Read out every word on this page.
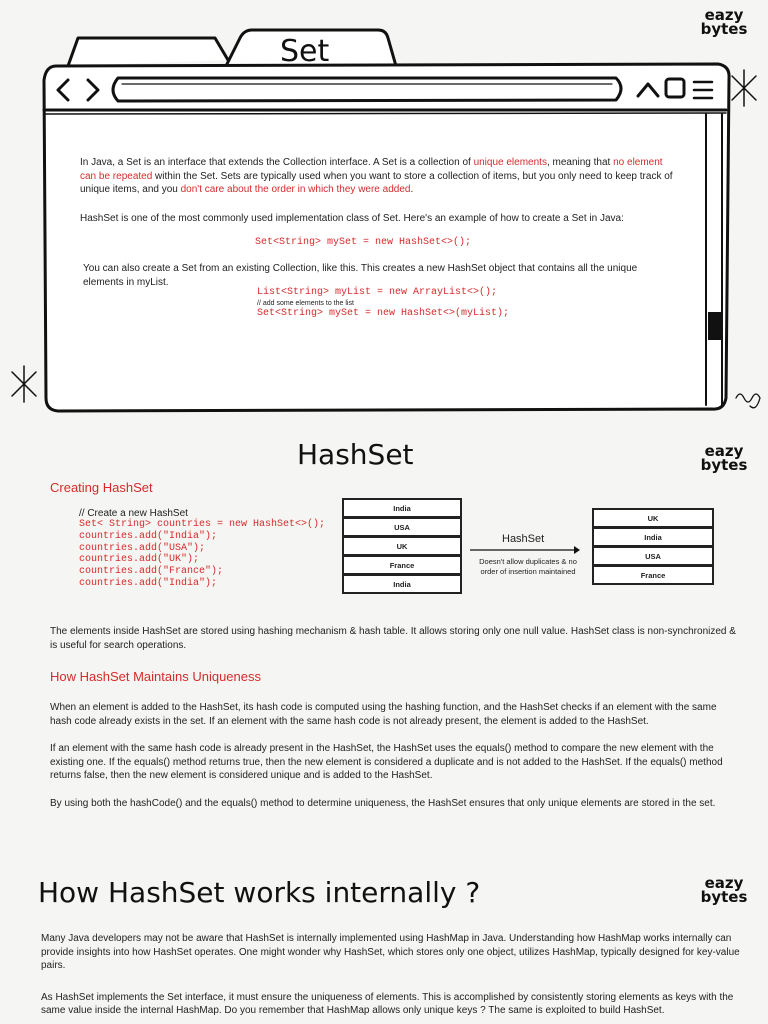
eazy
bytes
Set

In Java, a Set is an interface that extends the Collection interface. A Set is a collection of unique elements, meaning that no element can be repeated within the Set. Sets are typically used when you want to store a collection of items, but you only need to keep track of unique items, and you don't care about the order in which they were added.

HashSet is one of the most commonly used implementation class of Set. Here's an example of how to create a Set in Java:

Set<String> mySet = new HashSet<>();

You can also create a Set from an existing Collection, like this. This creates a new HashSet object that contains all the unique elements in myList.

List<String> myList = new ArrayList<>();
// add some elements to the list
Set<String> mySet = new HashSet<>(myList);
eazy
bytes
HashSet
Creating HashSet
// Create a new HashSet
Set< String> countries = new HashSet<>();
countries.add("India");
countries.add("USA");
countries.add("UK");
countries.add("France");
countries.add("India");
India
USA
UK
France
India
HashSet
Doesn't allow duplicates & no
order of insertion maintained
UK
India
USA
France

The elements inside HashSet are stored using hashing mechanism & hash table. It allows storing only one null value. HashSet class is non-synchronized & is useful for search operations.

How HashSet Maintains Uniqueness

When an element is added to the HashSet, its hash code is computed using the hashing function, and the HashSet checks if an element with the same hash code already exists in the set. If an element with the same hash code is not already present, the element is added to the HashSet.

If an element with the same hash code is already present in the HashSet, the HashSet uses the equals() method to compare the new element with the existing one. If the equals() method returns true, then the new element is considered a duplicate and is not added to the HashSet. If the equals() method returns false, then the new element is considered unique and is added to the HashSet.

By using both the hashCode() and the equals() method to determine uniqueness, the HashSet ensures that only unique elements are stored in the set.

eazy
bytes
How HashSet works internally ?

Many Java developers may not be aware that HashSet is internally implemented using HashMap in Java. Understanding how HashMap works internally can provide insights into how HashSet operates. One might wonder why HashSet, which stores only one object, utilizes HashMap, typically designed for key-value pairs.

As HashSet implements the Set interface, it must ensure the uniqueness of elements. This is accomplished by consistently storing elements as keys with the same value inside the internal HashMap. Do you remember that HashMap allows only unique keys ? The same is exploited to build HashSet.
